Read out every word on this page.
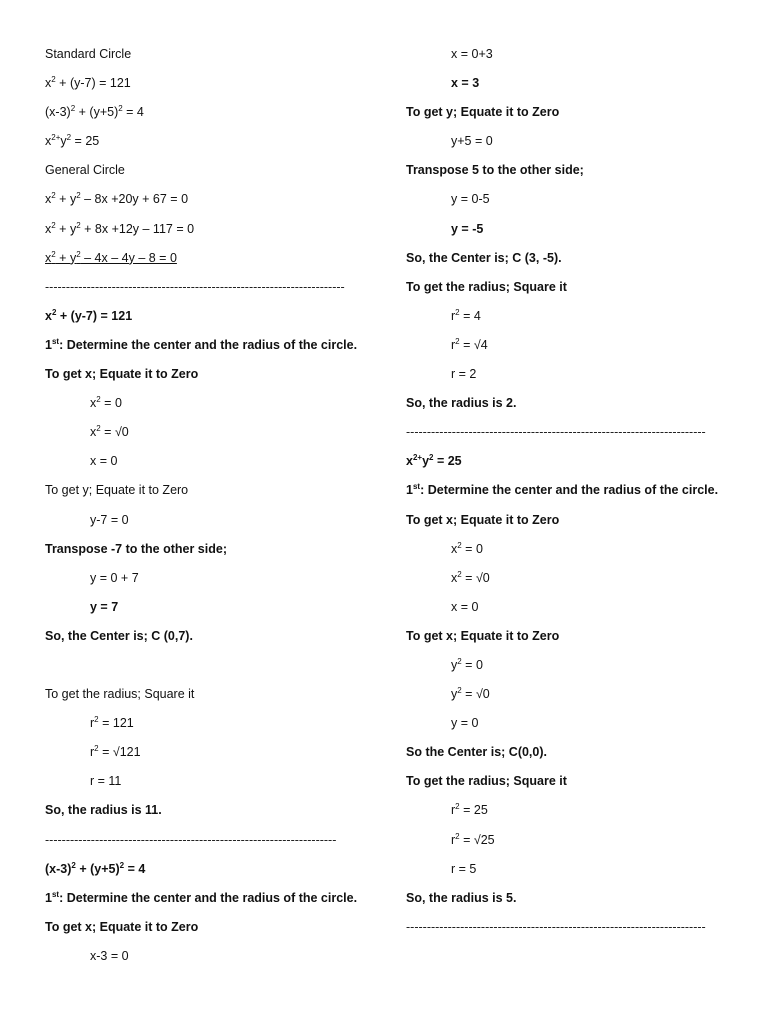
Standard Circle
$x^2 + (y-7) = 121$
$(x-3)^2 + (y+5)^2 = 4$
$x^{2+}y^2 = 25$
General Circle
$x^2 + y^2 - 8x +20y + 67 = 0$
$x^2 + y^2 + 8x +12y - 117 = 0$
$x^2 + y^2 - 4x - 4y - 8 = 0$
------------------------------------------------------------------------
$x^2 + (y-7) = 121$
1st: Determine the center and the radius of the circle.
To get x; Equate it to Zero
$x^2 = 0$
$x^2 = √0$
x = 0
To get y; Equate it to Zero
y-7 = 0
Transpose -7 to the other side;
y = 0 + 7
y = 7
So, the Center is; C (0,7).
To get the radius; Square it
$r^2 = 121$
$r^2 = √121$
r = 11
So, the radius is 11.
----------------------------------------------------------------------
$(x-3)^2 + (y+5)^2 = 4$
1st: Determine the center and the radius of the circle.
To get x; Equate it to Zero
x-3 = 0
x = 0+3
x = 3
To get y; Equate it to Zero
y+5 = 0
Transpose 5 to the other side;
y = 0-5
y = -5
So, the Center is; C (3, -5).
To get the radius; Square it
$r^2 = 4$
$r^2 = √4$
r = 2
So, the radius is 2.
------------------------------------------------------------------------
$x^{2+}y^2 = 25$
1st: Determine the center and the radius of the circle.
To get x; Equate it to Zero
$x^2 = 0$
$x^2 = √0$
x = 0
To get x; Equate it to Zero
$y^2 = 0$
$y^2 = √0$
y = 0
So the Center is; C(0,0).
To get the radius; Square it
$r^2 = 25$
$r^2 = √25$
r = 5
So, the radius is 5.
------------------------------------------------------------------------
